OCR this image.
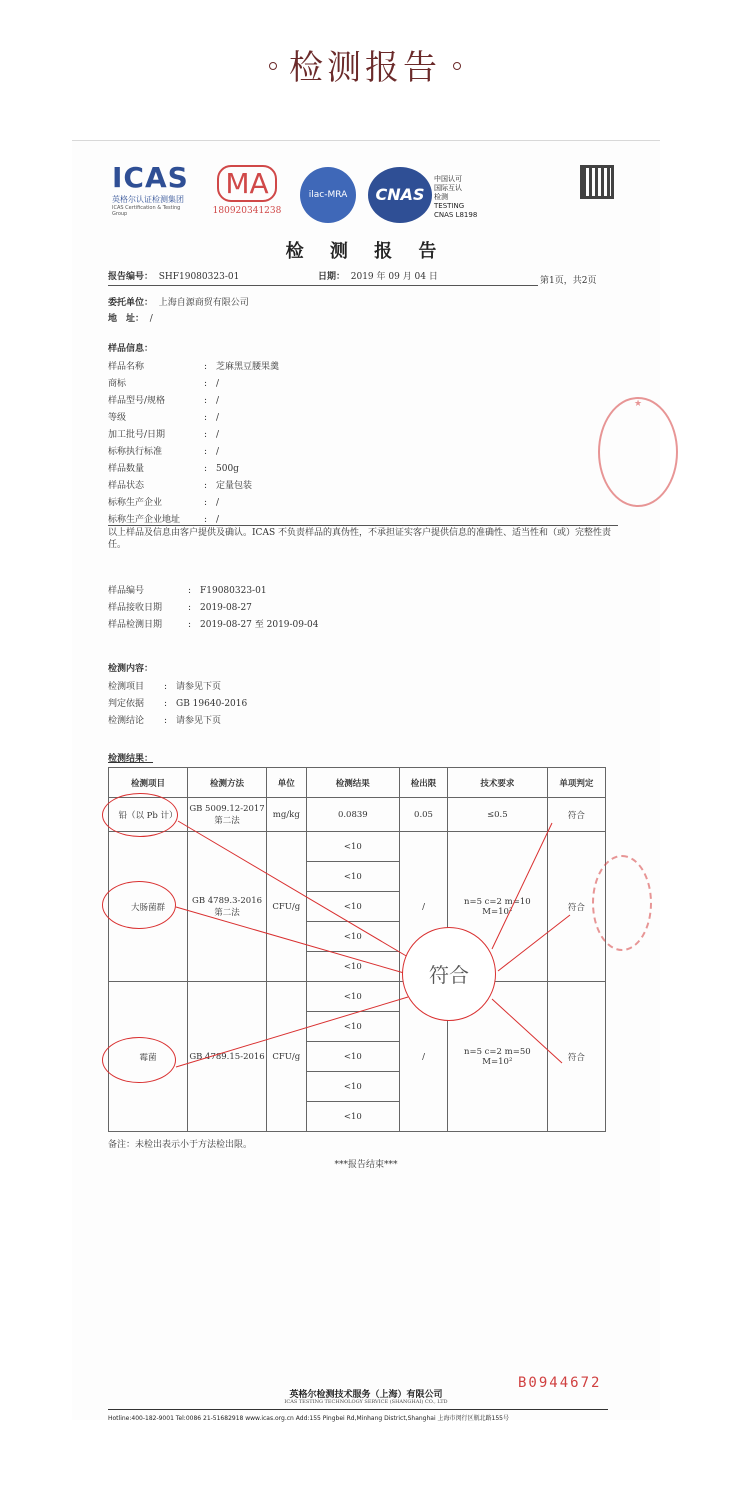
检测报告
ICAS
英格尔认证检测集团
ICAS Certification & Testing Group
MA
180920341238
ilac-MRA	CNAS
中国认可
国际互认
检测
TESTING
CNAS L8198
检 测 报 告
报告编号： SHF19080323-01	日期： 2019 年 09 月 04 日	第1页，共2页
委托单位： 上海自源商贸有限公司
地　址： /
样品信息：
样品名称	: 芝麻黑豆腰果羹
商标	: /
样品型号/规格	: /
等级	: /
加工批号/日期	: /
标称执行标准	: /
样品数量	: 500g
样品状态	: 定量包装
标称生产企业	: /
标称生产企业地址	: /
以上样品及信息由客户提供及确认。ICAS 不负责样品的真伪性，不承担证实客户提供信息的准确性、适当性和（或）完整性责任。
样品编号	: F19080323-01
样品接收日期	: 2019-08-27
样品检测日期	: 2019-08-27 至 2019-09-04
检测内容：
检测项目 : 请参见下页
判定依据 : GB 19640-2016
检测结论 : 请参见下页
检测结果：
检测项目	检测方法	单位	检测结果	检出限	技术要求	单项判定
铅（以 Pb 计）	GB 5009.12-2017 第二法	mg/kg	0.0839	0.05	≤0.5	符合
大肠菌群	GB 4789.3-2016 第二法	CFU/g	<10	/	n=5 c=2 m=10 M=10²	符合
			<10			
			<10			
			<10			
			<10			
霉菌	GB 4789.15-2016	CFU/g	<10	/	n=5 c=2 m=50 M=10²	符合
			<10			
			<10			
			<10			
			<10			
符合
★
备注：未检出表示小于方法检出限。
***报告结束***
B0944672
英格尔检测技术服务（上海）有限公司
ICAS TESTING TECHNOLOGY SERVICE (SHANGHAI) CO., LTD
Hotline:400-182-9001 Tel:0086 21-51682918 www.icas.org.cn Add:155 Pingbei Rd,Minhang District,Shanghai 上海市闵行区瓶北路155号
